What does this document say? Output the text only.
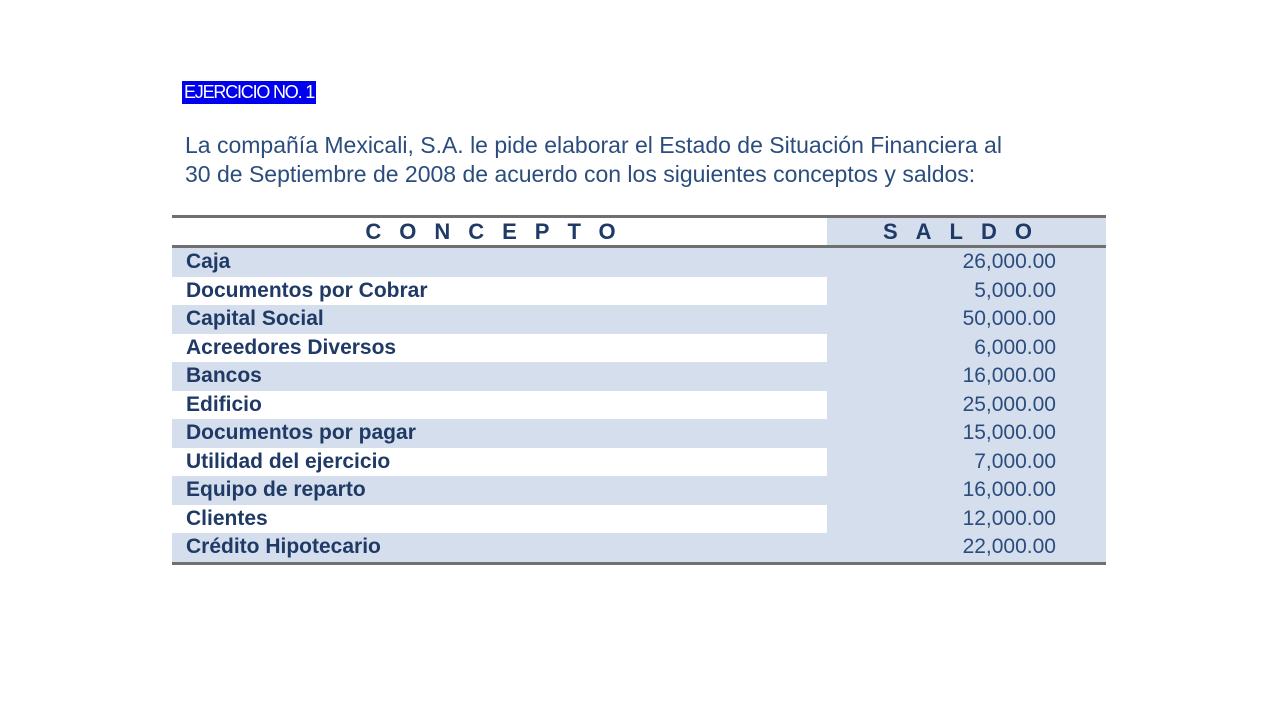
EJERCICIO NO. 1

La compañía Mexicali, S.A. le pide elaborar el Estado de Situación Financiera al
30 de Septiembre de 2008 de acuerdo con los siguientes conceptos y saldos:

CONCEPTO	SALDO
Caja	26,000.00
Documentos por Cobrar	5,000.00
Capital Social	50,000.00
Acreedores Diversos	6,000.00
Bancos	16,000.00
Edificio	25,000.00
Documentos por pagar	15,000.00
Utilidad del ejercicio	7,000.00
Equipo de reparto	16,000.00
Clientes	12,000.00
Crédito Hipotecario	22,000.00
